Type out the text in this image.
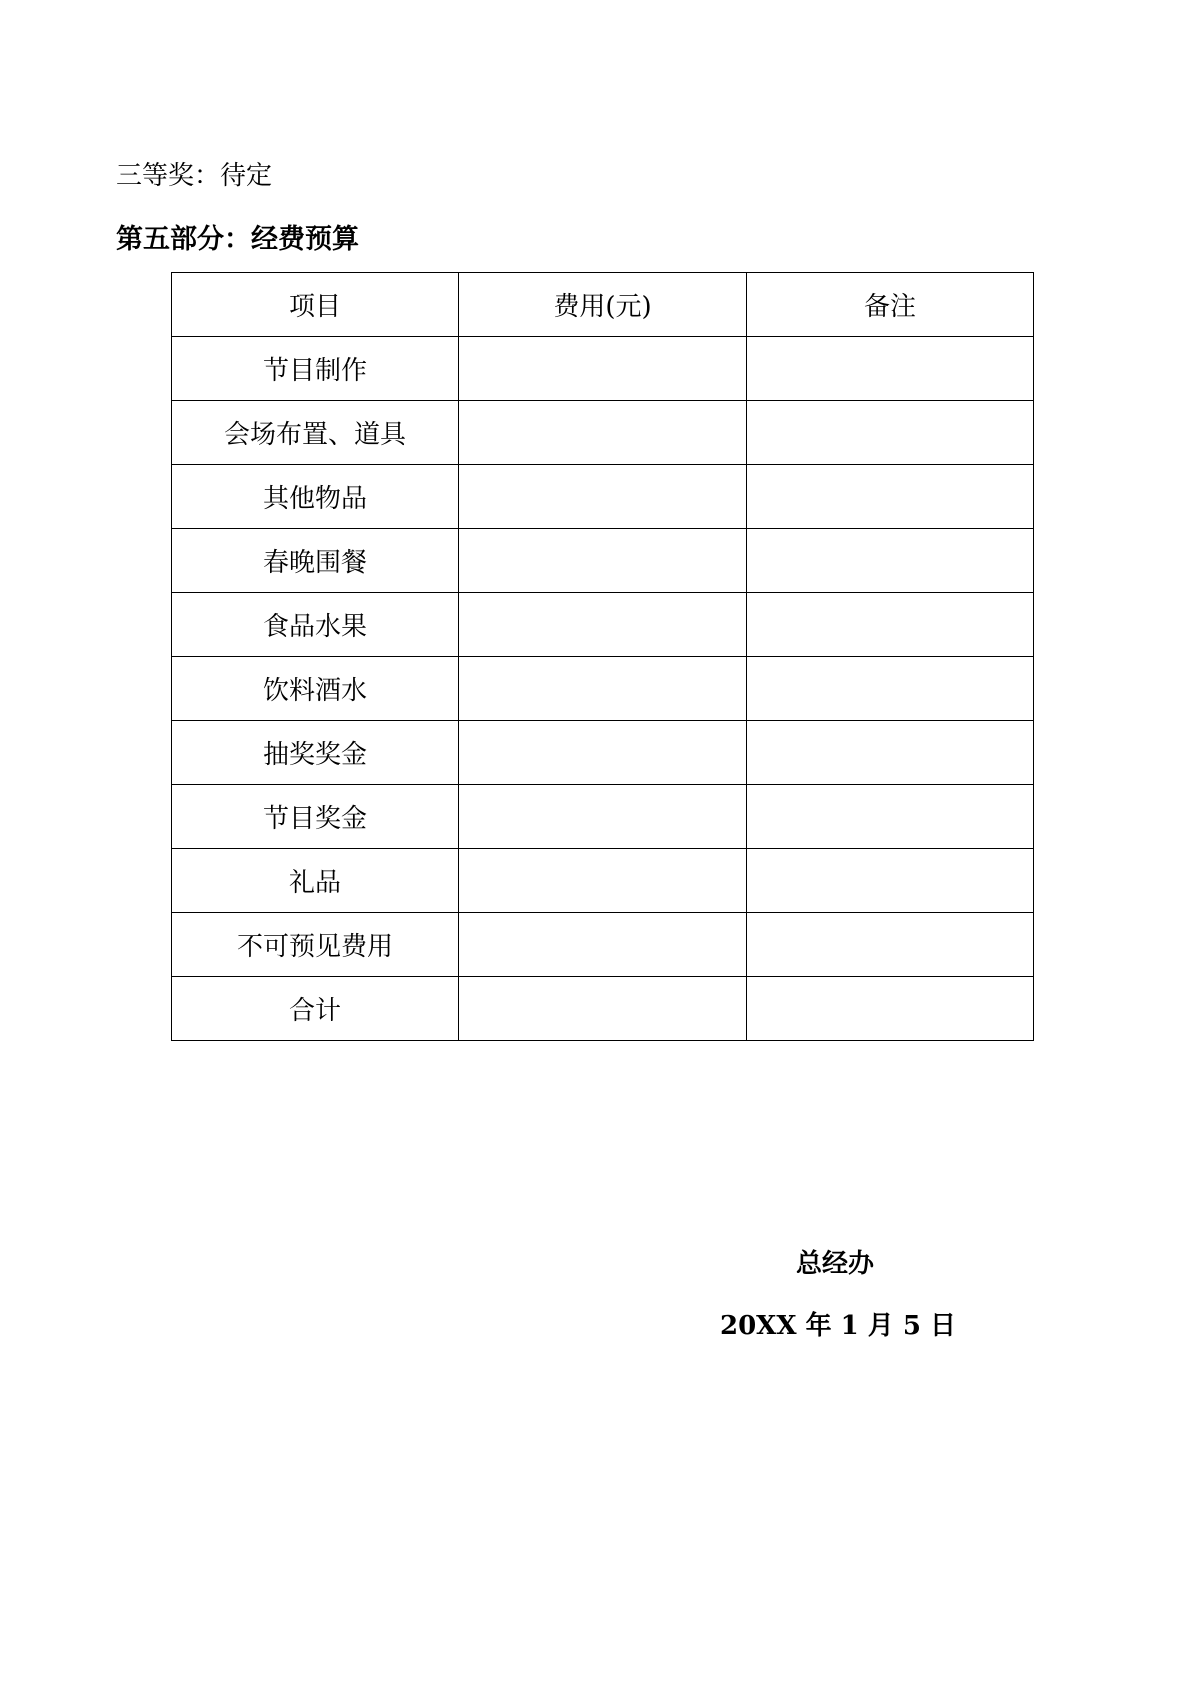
三等奖：待定
第五部分：经费预算
项目	费用(元)	备注
节目制作		
会场布置、道具		
其他物品		
春晚围餐		
食品水果		
饮料酒水		
抽奖奖金		
节目奖金		
礼品		
不可预见费用		
合计		
总经办
20XX 年 1 月 5 日
